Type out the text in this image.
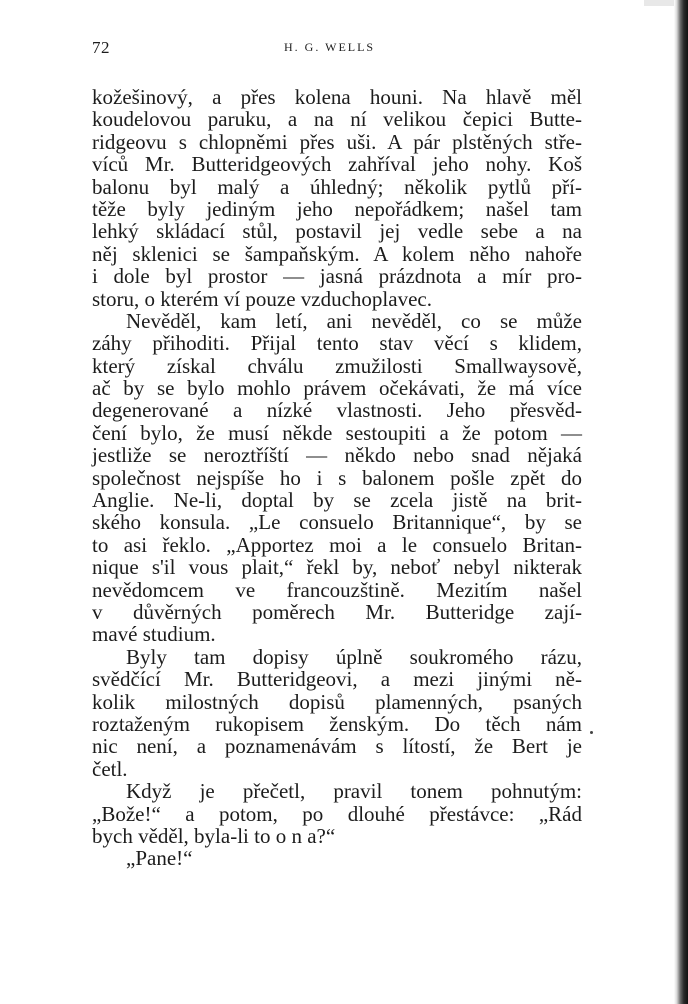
72	H. G. WELLS
kožešinový, a přes kolena houni. Na hlavě měl
koudelovou paruku, a na ní velikou čepici Butte-
ridgeovu s chlopněmi přes uši. A pár plstěných stře-
víců Mr. Butteridgeových zahříval jeho nohy. Koš
balonu byl malý a úhledný; několik pytlů pří-
těže byly jediným jeho nepořádkem; našel tam
lehký skládací stůl, postavil jej vedle sebe a na
něj sklenici se šampaňským. A kolem něho nahoře
i dole byl prostor — jasná prázdnota a mír pro-
storu, o kterém ví pouze vzduchoplavec.
Nevěděl, kam letí, ani nevěděl, co se může
záhy přihoditi. Přijal tento stav věcí s klidem,
který získal chválu zmužilosti Smallwaysově,
ač by se bylo mohlo právem očekávati, že má více
degenerované a nízké vlastnosti. Jeho přesvěd-
čení bylo, že musí někde sestoupiti a že potom —
jestliže se neroztříští — někdo nebo snad nějaká
společnost nejspíše ho i s balonem pošle zpět do
Anglie. Ne-li, doptal by se zcela jistě na brit-
ského konsula. „Le consuelo Britannique“, by se
to asi řeklo. „Apportez moi a le consuelo Britan-
nique s'il vous plait,“ řekl by, neboť nebyl nikterak
nevědomcem ve francouzštině. Mezitím našel
v důvěrných poměrech Mr. Butteridge zají-
mavé studium.
Byly tam dopisy úplně soukromého rázu,
svědčící Mr. Butteridgeovi, a mezi jinými ně-
kolik milostných dopisů plamenných, psaných
roztaženým rukopisem ženským. Do těch nám
nic není, a poznamenávám s lítostí, že Bert je
četl.
Když je přečetl, pravil tonem pohnutým:
„Bože!“ a potom, po dlouhé přestávce: „Rád
bych věděl, byla-li to o n a?“
„Pane!“
